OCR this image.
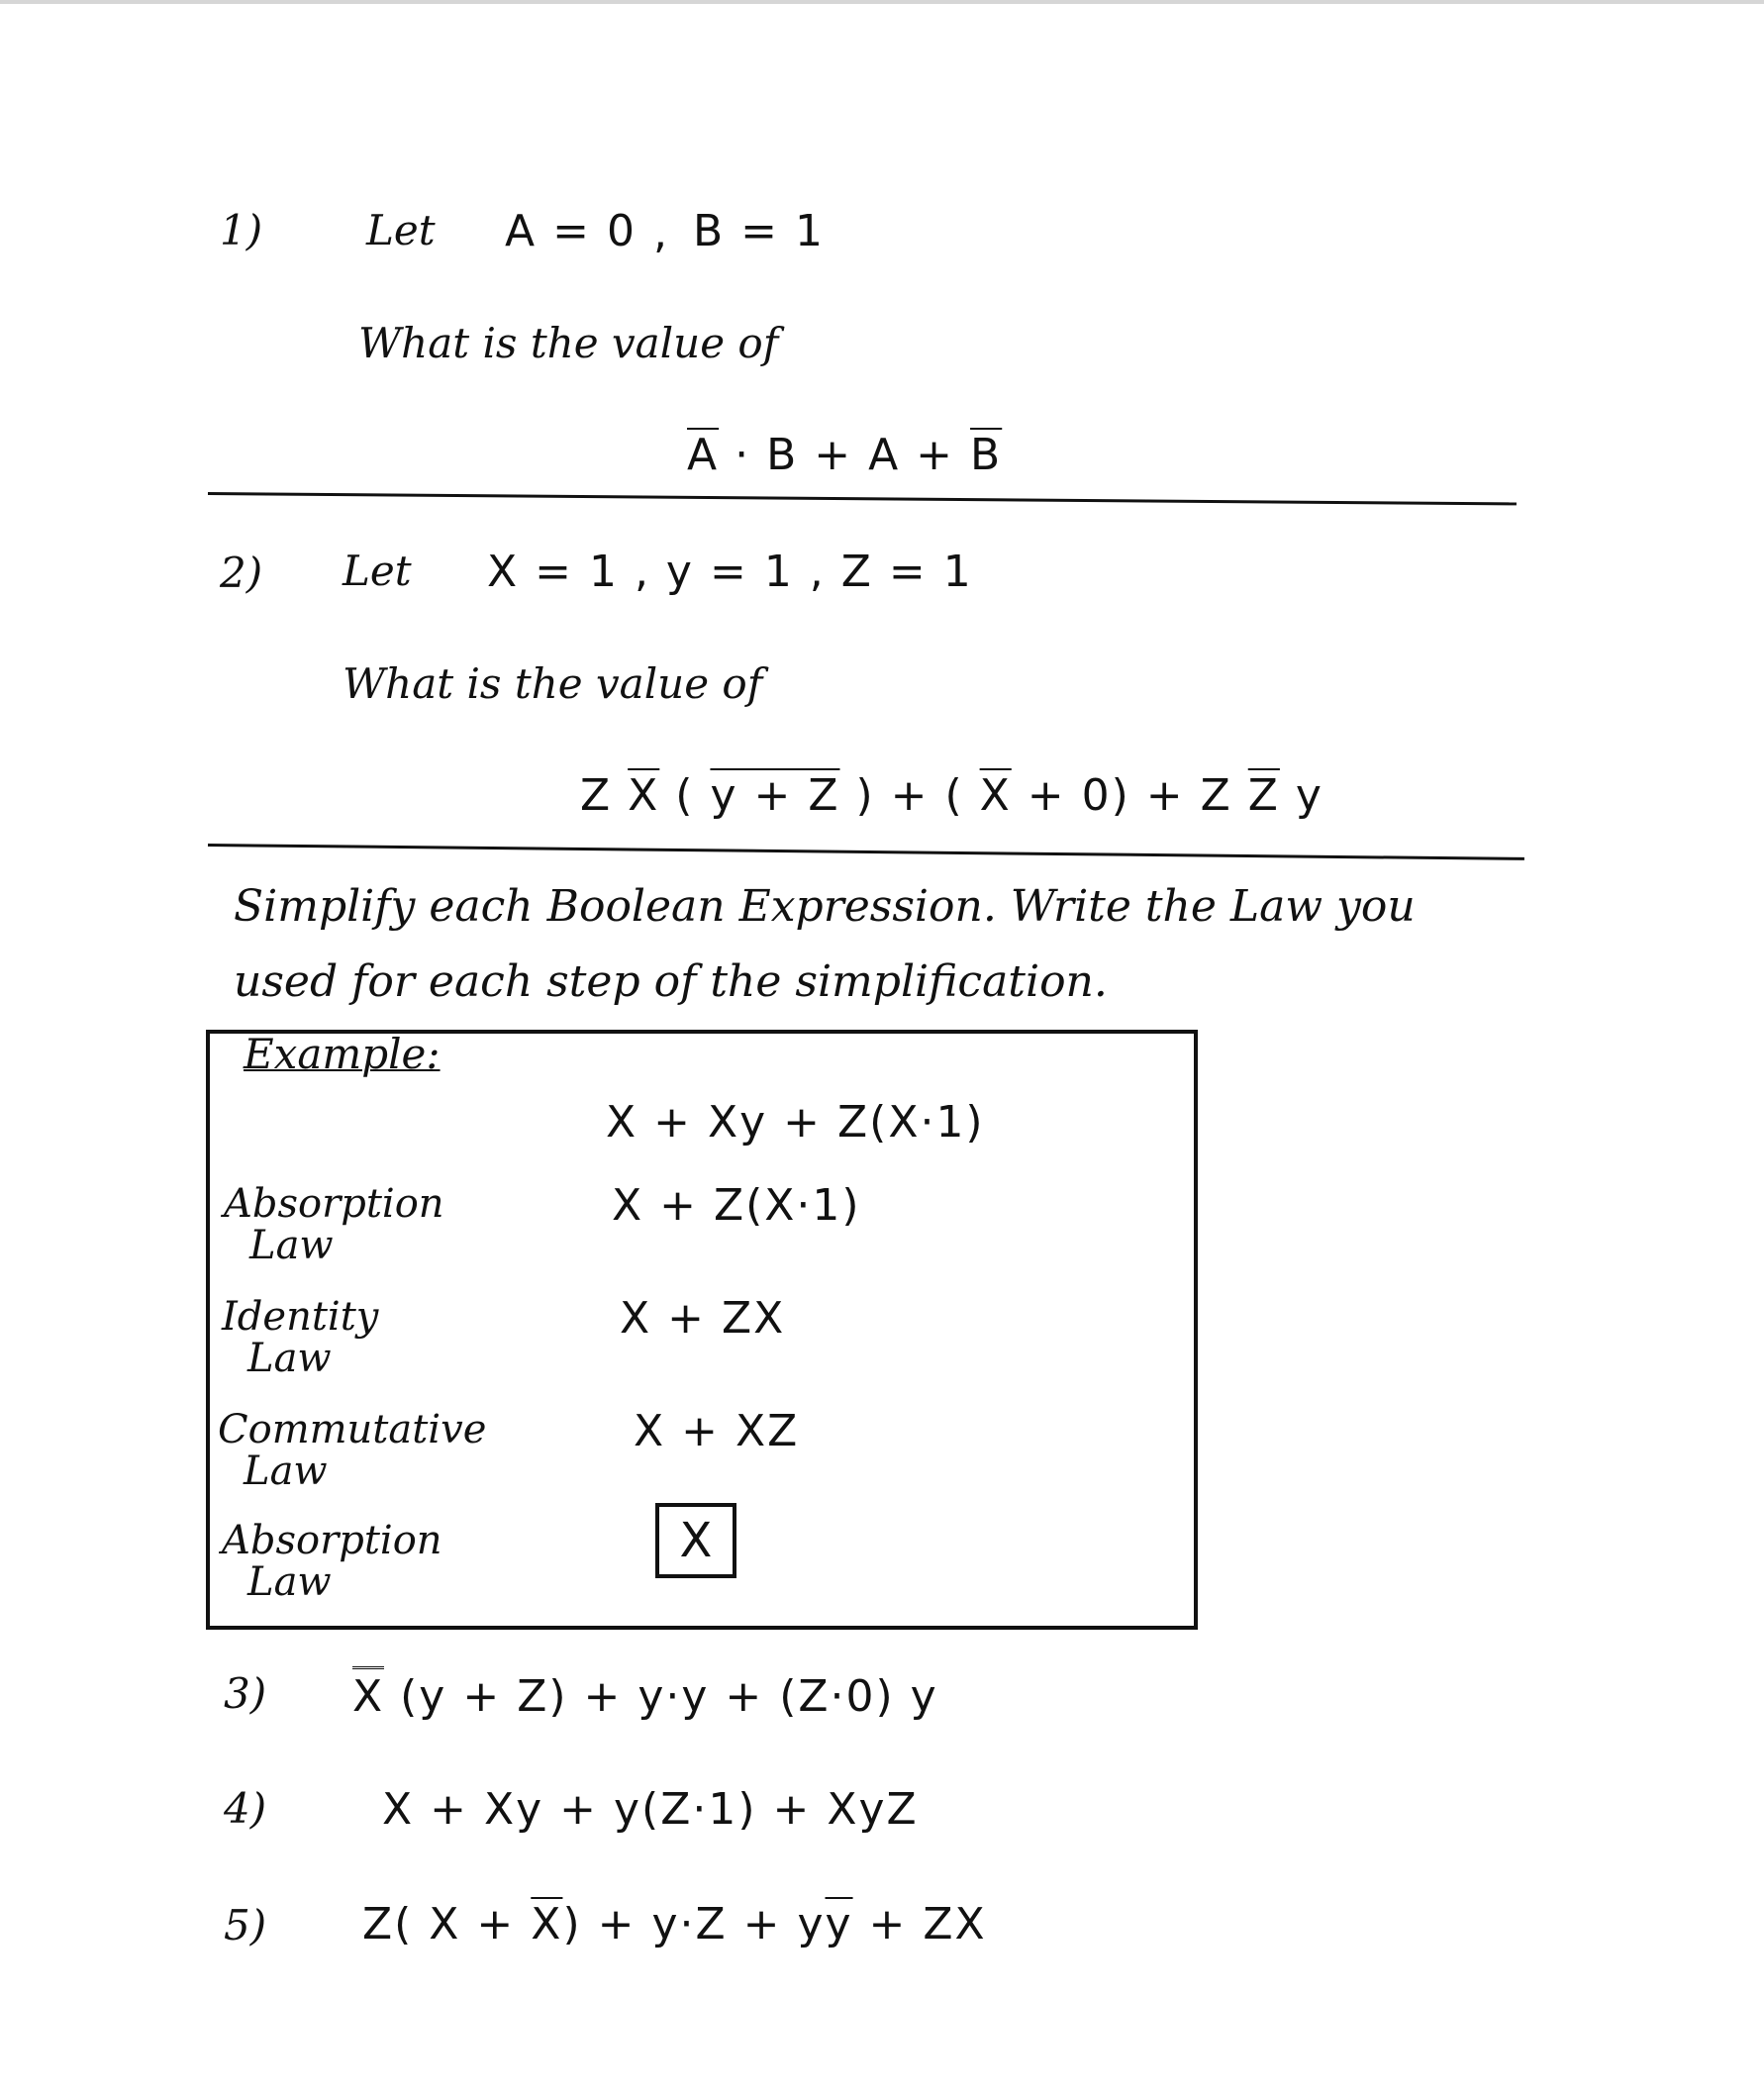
1) Let A = 0 , B = 1
What is the value of
$\overline{A} \cdot B + A + \overline{B}$
2) Let X = 1 , y = 1 , Z = 1
What is the value of
Z $\overline{X}$ ( y + Z ) + ( $\overline{X} + 0) + Z$ $\overline{Z}$ y
Simplify each Boolean Expression. Write the Law you
used for each step of the simplification.
Example:
X + Xy + Z(X·1)
Absorption
Law
X + Z(X·1)
Identity
Law
X + ZX
Commutative
Law
X + XZ
Absorption
Law
X
3) X (y + Z) + y·y + (Z·0) y
4)	X + Xy + y(Z·1) + XyZ
5) Z( $X + \overline{X}) + y\cdot Z + y\overline{y}$ + ZX
